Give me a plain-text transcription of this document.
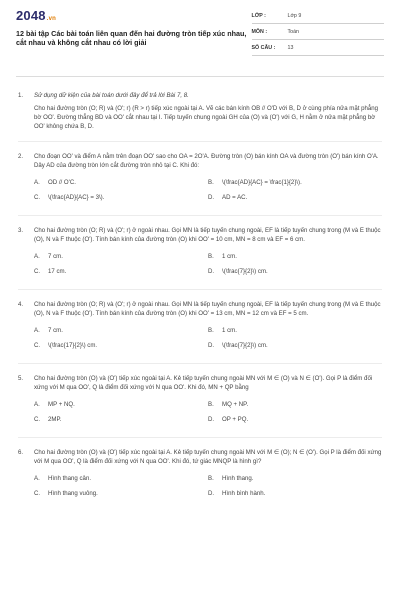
2048.vn
12 bài tập Các bài toán liên quan đến hai đường tròn tiếp xúc nhau, cắt nhau và không cắt nhau có lời giải
LỚP :	Lớp 9
MÔN :	Toán
SỐ CÂU :	13
1.	Sử dụng dữ kiện của bài toán dưới đây để trả lời Bài 7, 8.
Cho hai đường tròn (O; R) và (O'; r) (R > r) tiếp xúc ngoài tại A. Vẽ các bán kính OB // O'D với B, D ở cùng phía nửa mặt phẳng bờ OO'. Đường thẳng BD và OO' cắt nhau tại I. Tiếp tuyến chung ngoài GH của (O) và (O') với G, H nằm ở nửa mặt phẳng bờ OO' không chứa B, D.
2.	Cho đoạn OO' và điểm A nằm trên đoạn OO' sao cho OA = 2O'A. Đường tròn (O) bán kính OA và đường tròn (O') bán kính O'A. Dây AD của đường tròn lớn cắt đường tròn nhỏ tại C. Khi đó:
A.	OD // O'C.	B.	\(\frac{AD}{AC} = \frac{1}{2}\).
C.	\(\frac{AD}{AC} = 3\).	D.	AD = AC.
3.	Cho hai đường tròn (O; R) và (O'; r) ở ngoài nhau. Gọi MN là tiếp tuyến chung ngoài, EF là tiếp tuyến chung trong (M và E thuộc (O), N và F thuộc (O'). Tính bán kính của đường tròn (O) khi OO' = 10 cm, MN = 8 cm và EF = 6 cm.
A.	7 cm.	B.	1 cm.
C.	17 cm.	D.	\(\frac{7}{2}\) cm.
4.	Cho hai đường tròn (O; R) và (O'; r) ở ngoài nhau. Gọi MN là tiếp tuyến chung ngoài, EF là tiếp tuyến chung trong (M và E thuộc (O), N và F thuộc (O'). Tính bán kính của đường tròn (O) khi OO' = 13 cm, MN = 12 cm và EF = 5 cm.
A.	7 cm.	B.	1 cm.
C.	\(\frac{17}{2}\) cm.	D.	\(\frac{7}{2}\) cm.
5.	Cho hai đường tròn (O) và (O') tiếp xúc ngoài tại A. Kẻ tiếp tuyến chung ngoài MN với M ∈ (O) và N ∈ (O'). Gọi P là điểm đối xứng với M qua OO', Q là điểm đối xứng với N qua OO'. Khi đó, MN + QP bằng
A.	MP + NQ.	B.	MQ + NP.
C.	2MP.	D.	OP + PQ.
6.	Cho hai đường tròn (O) và (O') tiếp xúc ngoài tại A. Kẻ tiếp tuyến chung ngoài MN với M ∈ (O); N ∈ (O'). Gọi P là điểm đối xứng với M qua OO', Q là điểm đối xứng với N qua OO'. Khi đó, tứ giác MNQP là hình gì?
A.	Hình thang cân.	B.	Hình thang.
C.	Hình thang vuông.	D.	Hình bình hành.
